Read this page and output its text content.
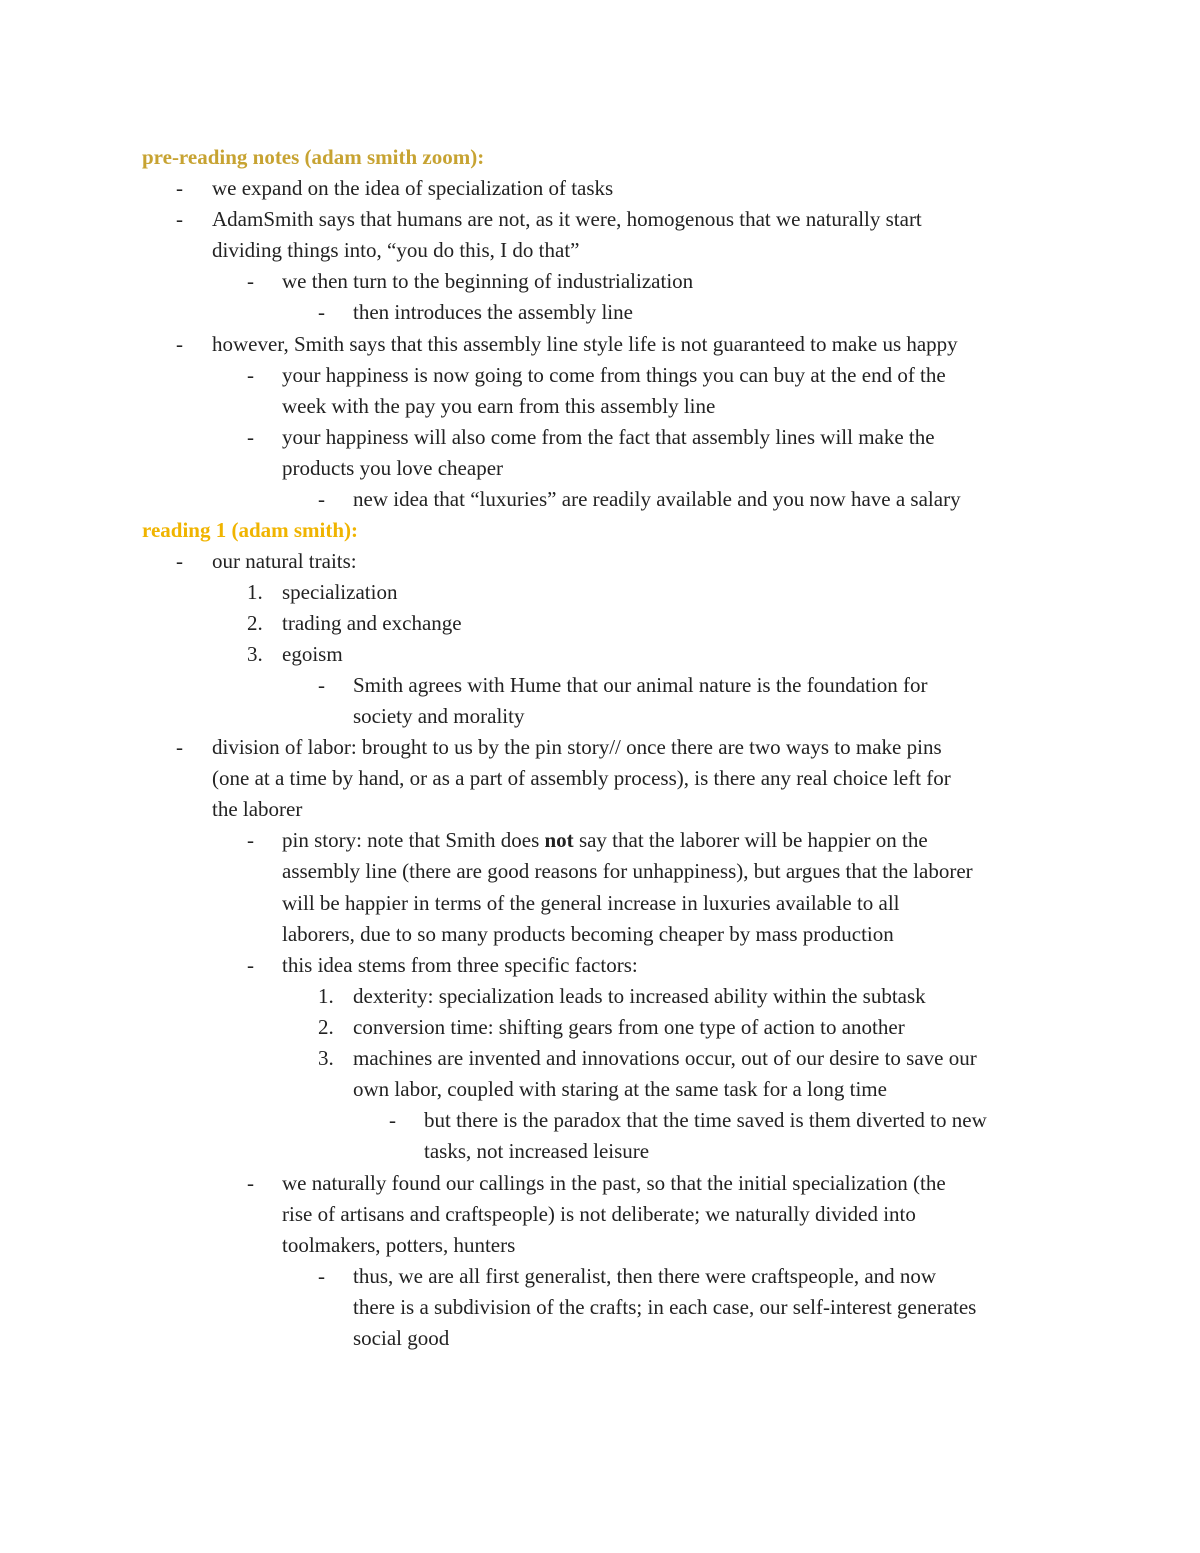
pre-reading notes (adam smith zoom):
- we expand on the idea of specialization of tasks
- AdamSmith says that humans are not, as it were, homogenous that we naturally start
dividing things into, “you do this, I do that”
- we then turn to the beginning of industrialization
- then introduces the assembly line
- however, Smith says that this assembly line style life is not guaranteed to make us happy
- your happiness is now going to come from things you can buy at the end of the
week with the pay you earn from this assembly line
- your happiness will also come from the fact that assembly lines will make the
products you love cheaper
- new idea that “luxuries” are readily available and you now have a salary
reading 1 (adam smith):
- our natural traits:
1. specialization
2. trading and exchange
3. egoism
- Smith agrees with Hume that our animal nature is the foundation for
society and morality
- division of labor: brought to us by the pin story// once there are two ways to make pins
(one at a time by hand, or as a part of assembly process), is there any real choice left for
the laborer
- pin story: note that Smith does not say that the laborer will be happier on the
assembly line (there are good reasons for unhappiness), but argues that the laborer
will be happier in terms of the general increase in luxuries available to all
laborers, due to so many products becoming cheaper by mass production
- this idea stems from three specific factors:
1. dexterity: specialization leads to increased ability within the subtask
2. conversion time: shifting gears from one type of action to another
3. machines are invented and innovations occur, out of our desire to save our
own labor, coupled with staring at the same task for a long time
- but there is the paradox that the time saved is them diverted to new
tasks, not increased leisure
- we naturally found our callings in the past, so that the initial specialization (the
rise of artisans and craftspeople) is not deliberate; we naturally divided into
toolmakers, potters, hunters
- thus, we are all first generalist, then there were craftspeople, and now
there is a subdivision of the crafts; in each case, our self-interest generates
social good
